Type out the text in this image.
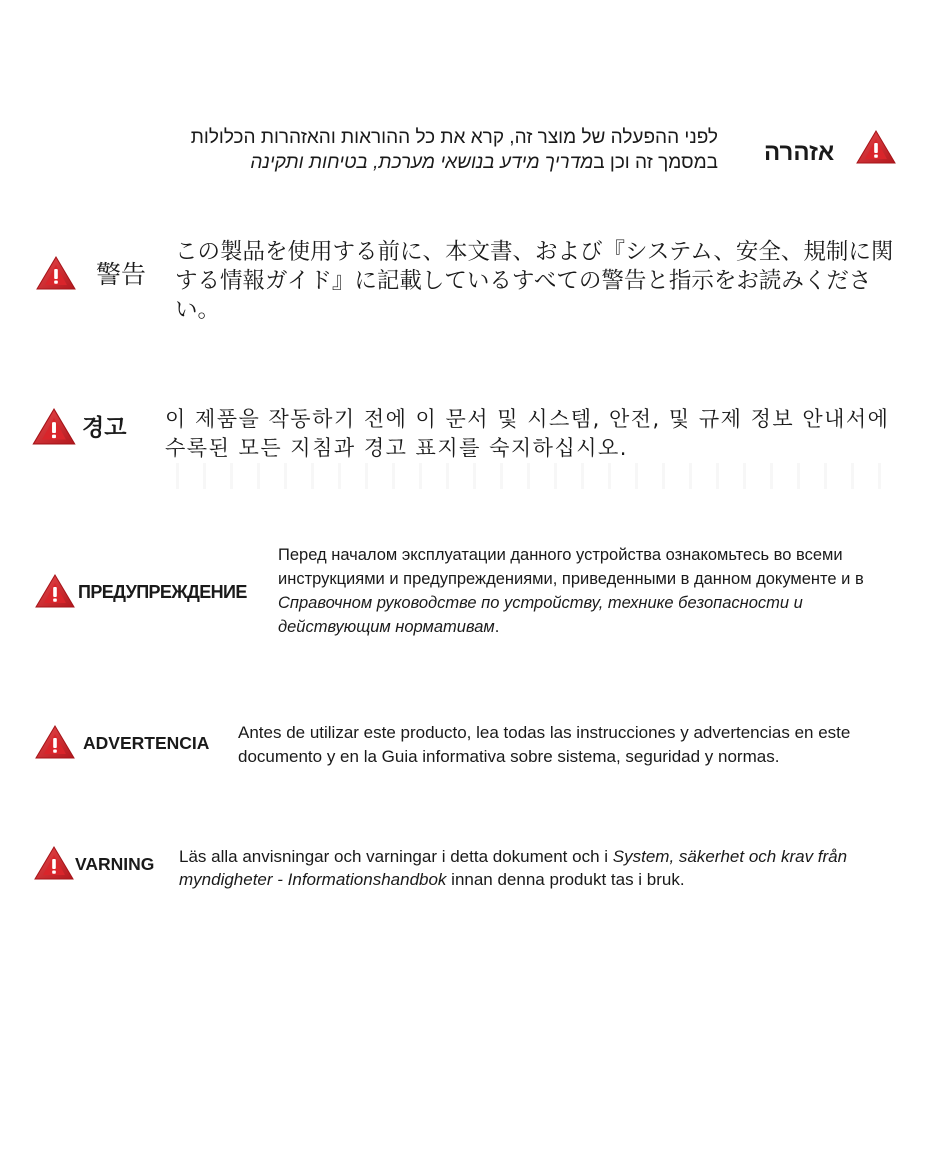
אזהרה
לפני ההפעלה של מוצר זה, קרא את כל ההוראות והאזהרות הכלולות
במסמך זה וכן במדריך מידע בנושאי מערכת, בטיחות ותקינה
警告
この製品を使用する前に、本文書、および『システム、安全、規制に関する情報ガイド』に記載しているすべての警告と指示をお読みください。
경고 이 제품을 작동하기 전에 이 문서 및 시스템, 안전, 및 규제 정보 안내서에
수록된 모든 지침과 경고 표지를 숙지하십시오.
ПРЕДУПРЕЖДЕНИЕ
Перед началом эксплуатации данного устройства ознакомьтесь во всеми инструкциями и предупреждениями, приведенными в данном документе и в Справочном руководстве по устройству, технике безопасности и действующим нормативам.
ADVERTENCIA
Antes de utilizar este producto, lea todas las instrucciones y advertencias en este documento y en la Guia informativa sobre sistema, seguridad y normas.
VARNING Läs alla anvisningar och varningar i detta dokument och i System, säkerhet och krav från myndigheter - Informationshandbok innan denna produkt tas i bruk.
